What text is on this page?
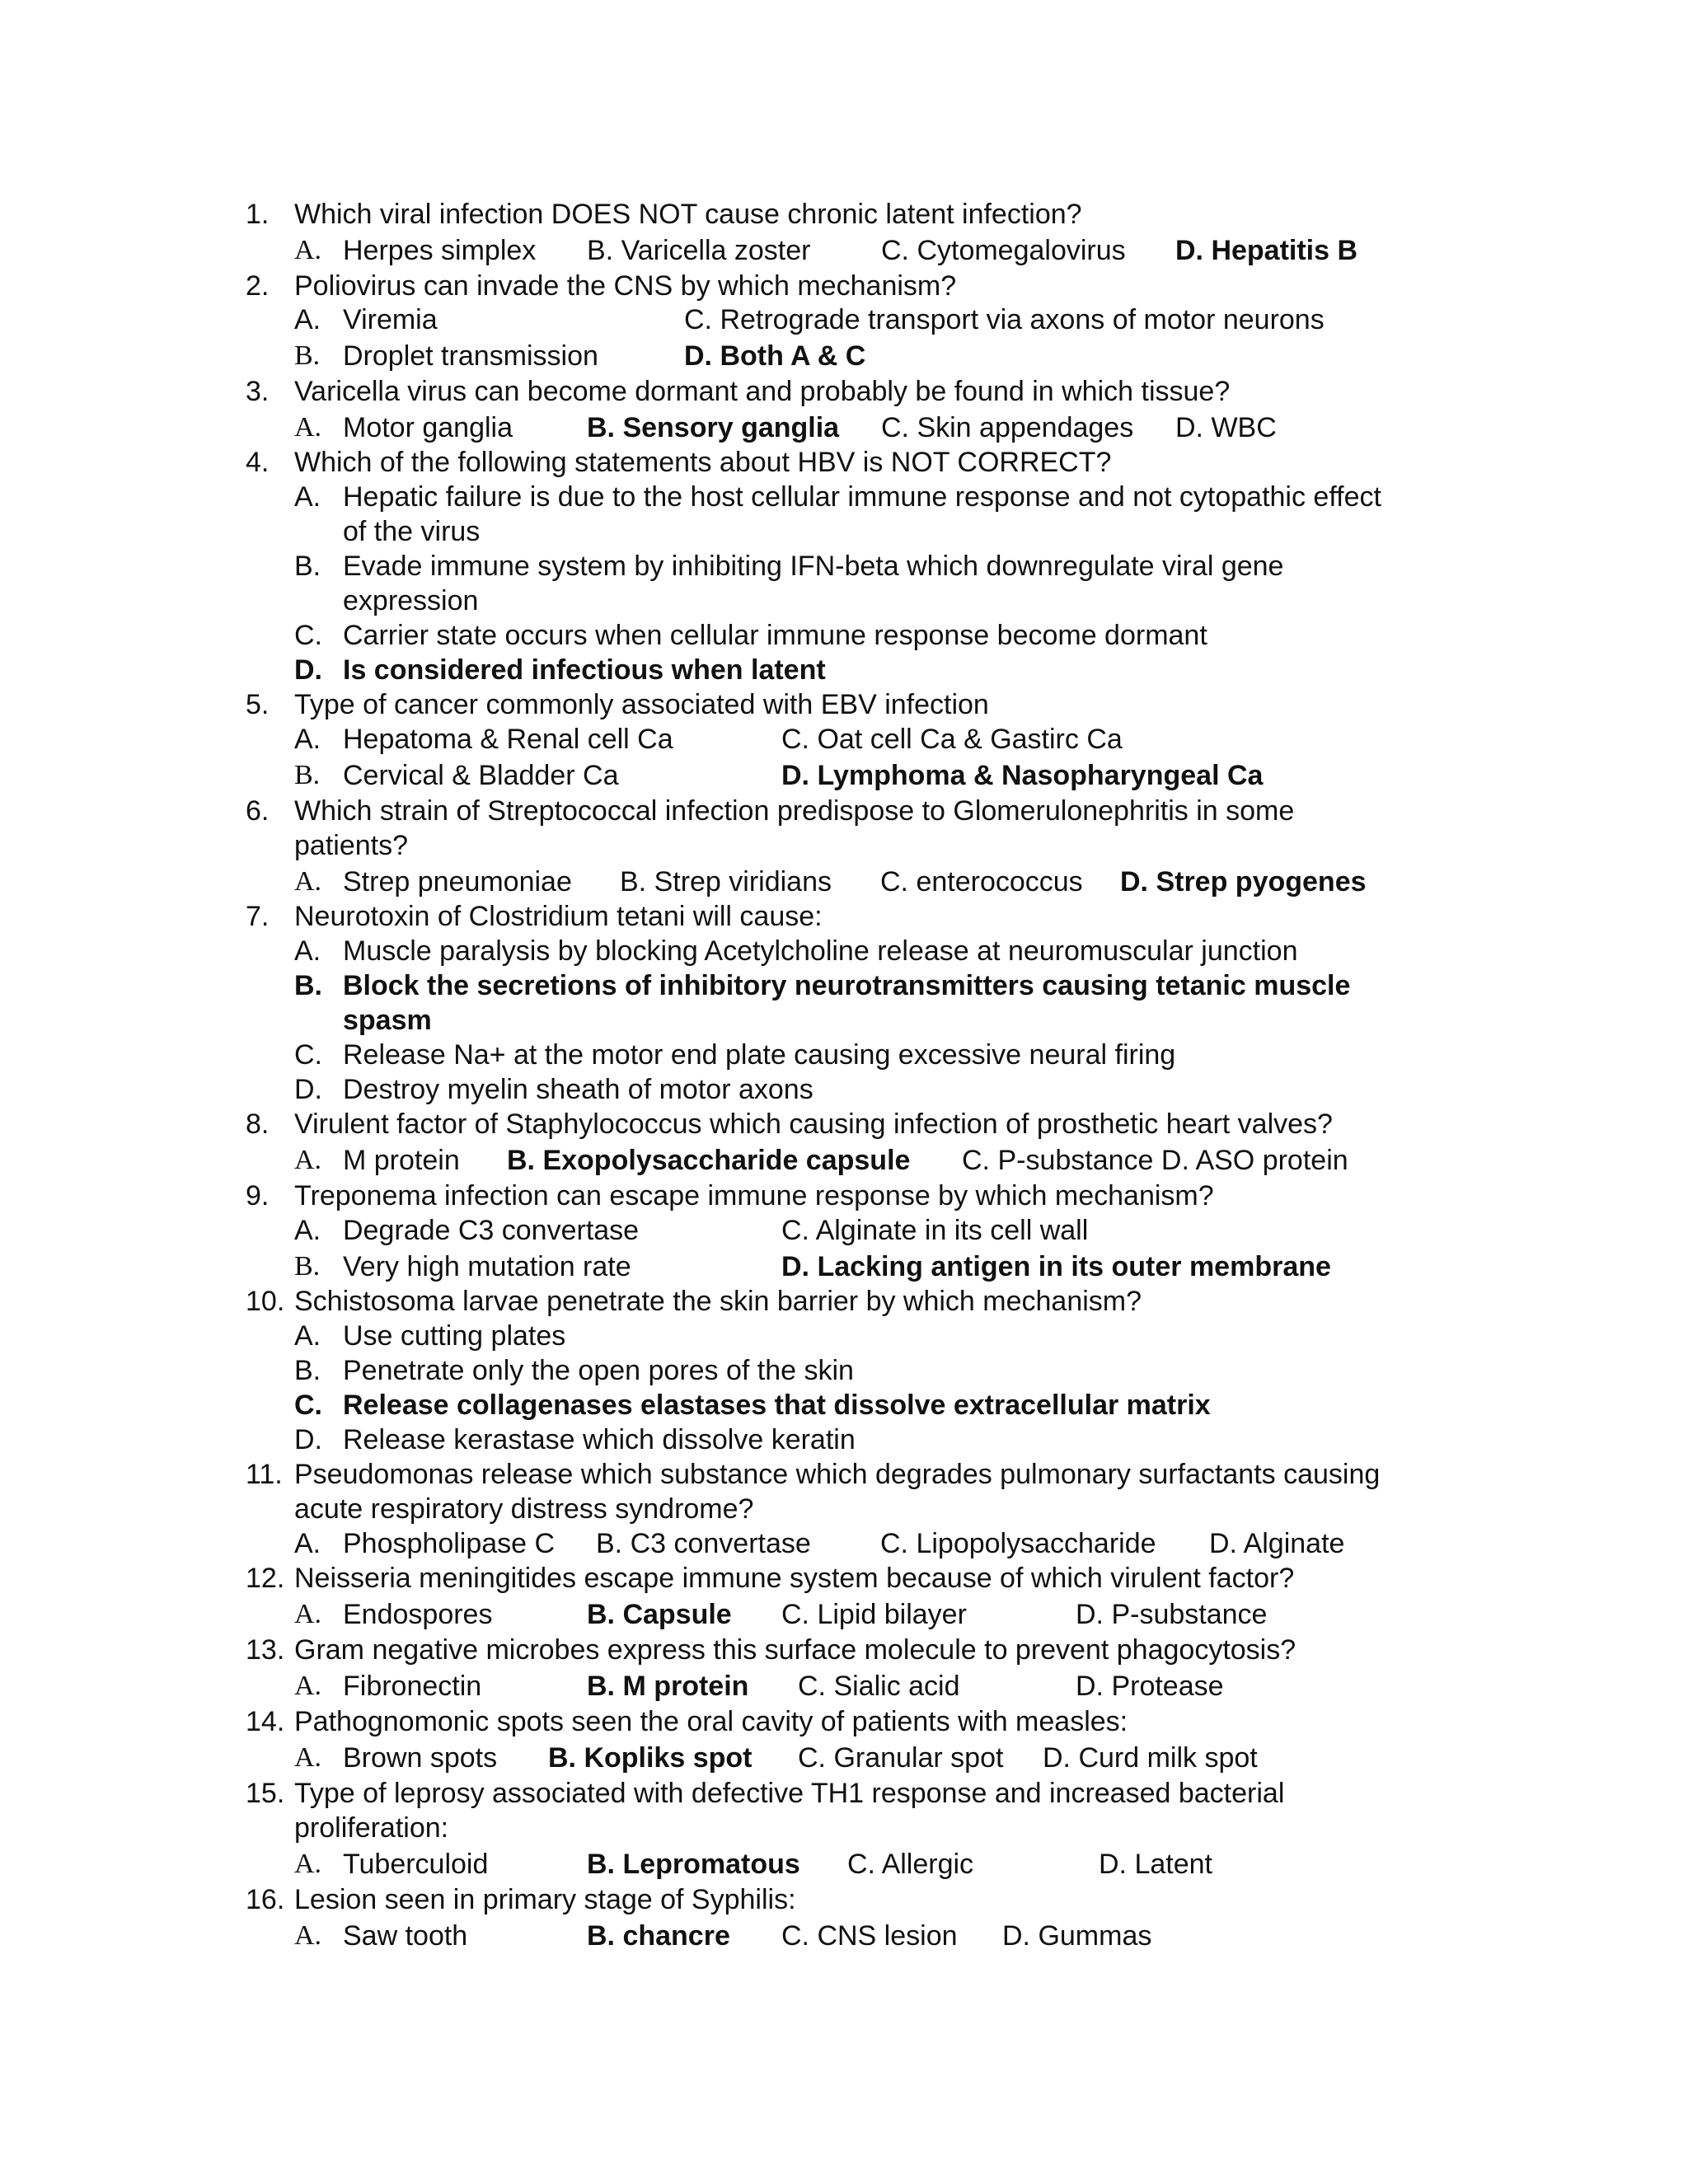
1. Which viral infection DOES NOT cause chronic latent infection?
A. Herpes simplex B. Varicella zoster	C. Cytomegalovirus D. Hepatitis B
2. Poliovirus can invade the CNS by which mechanism?
A. Viremia	C. Retrograde transport via axons of motor neurons
B. Droplet transmission	D. Both A & C
3. Varicella virus can become dormant and probably be found in which tissue?
A. Motor ganglia	B. Sensory ganglia C. Skin appendages D. WBC
4. Which of the following statements about HBV is NOT CORRECT?
A. Hepatic failure is due to the host cellular immune response and not cytopathic effect
of the virus
B. Evade immune system by inhibiting IFN-beta which downregulate viral gene
expression
C. Carrier state occurs when cellular immune response become dormant
D. Is considered infectious when latent
5. Type of cancer commonly associated with EBV infection
A. Hepatoma & Renal cell Ca	C. Oat cell Ca & Gastirc Ca
B. Cervical & Bladder Ca	D. Lymphoma & Nasopharyngeal Ca
6. Which strain of Streptococcal infection predispose to Glomerulonephritis in some
patients?
A. Strep pneumoniae B. Strep viridians C. enterococcus D. Strep pyogenes
7. Neurotoxin of Clostridium tetani will cause:
A. Muscle paralysis by blocking Acetylcholine release at neuromuscular junction
B. Block the secretions of inhibitory neurotransmitters causing tetanic muscle
spasm
C. Release Na+ at the motor end plate causing excessive neural firing
D. Destroy myelin sheath of motor axons
8. Virulent factor of Staphylococcus which causing infection of prosthetic heart valves?
A. M protein B. Exopolysaccharide capsule C. P-substance D. ASO protein
9. Treponema infection can escape immune response by which mechanism?
A. Degrade C3 convertase	C. Alginate in its cell wall
B. Very high mutation rate	D. Lacking antigen in its outer membrane
10. Schistosoma larvae penetrate the skin barrier by which mechanism?
A. Use cutting plates
B. Penetrate only the open pores of the skin
C. Release collagenases elastases that dissolve extracellular matrix
D. Release kerastase which dissolve keratin
11. Pseudomonas release which substance which degrades pulmonary surfactants causing
acute respiratory distress syndrome?
A. Phospholipase C B. C3 convertase C. Lipopolysaccharide D. Alginate
12. Neisseria meningitides escape immune system because of which virulent factor?
A. Endospores	B. Capsule C. Lipid bilayer	D. P-substance
13. Gram negative microbes express this surface molecule to prevent phagocytosis?
A. Fibronectin	B. M protein C. Sialic acid	D. Protease
14. Pathognomonic spots seen the oral cavity of patients with measles:
A. Brown spots B. Kopliks spot C. Granular spot D. Curd milk spot
15. Type of leprosy associated with defective TH1 response and increased bacterial
proliferation:
A. Tuberculoid	B. Lepromatous C. Allergic	D. Latent
16. Lesion seen in primary stage of Syphilis:
A. Saw tooth	B. chancre C. CNS lesion D. Gummas
